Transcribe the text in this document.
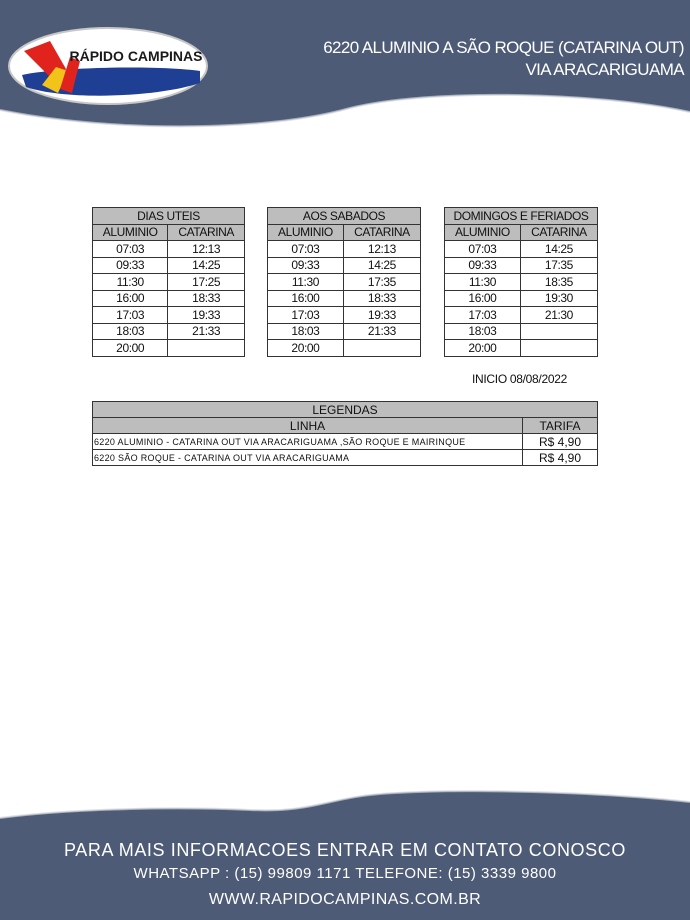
RÁPIDO CAMPINAS	6220 ALUMINIO A SÃO ROQUE (CATARINA OUT)
VIA ARACARIGUAMA
DIAS UTEIS	
ALUMINIO	CATARINA
07:03	12:13
09:33	14:25
11:30	17:25
16:00	18:33
17:03	19:33
18:03	21:33
20:00	
AOS SABADOS	
ALUMINIO	CATARINA
07:03	12:13
09:33	14:25
11:30	17:35
16:00	18:33
17:03	19:33
18:03	21:33
20:00	
DOMINGOS E FERIADOS	
ALUMINIO	CATARINA
07:03	14:25
09:33	17:35
11:30	18:35
16:00	19:30
17:03	21:30
18:03	
20:00	
INICIO 08/08/2022
LEGENDAS	
LINHA	TARIFA
6220 ALUMINIO - CATARINA OUT VIA ARACARIGUAMA ,SÃO ROQUE E MAIRINQUE	R$ 4,90
6220 SÃO ROQUE - CATARINA OUT VIA ARACARIGUAMA	R$ 4,90
PARA MAIS INFORMACOES ENTRAR EM CONTATO CONOSCO
WHATSAPP : (15) 99809 1171 TELEFONE: (15) 3339 9800
WWW.RAPIDOCAMPINAS.COM.BR
